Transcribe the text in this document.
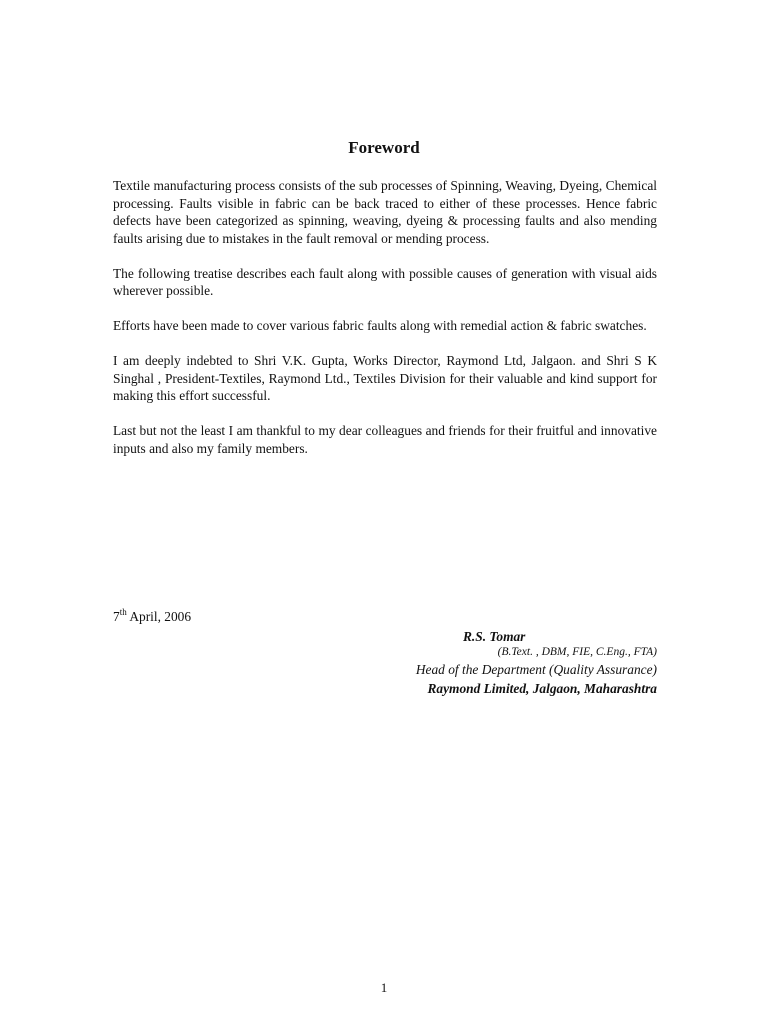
Foreword

Textile manufacturing process consists of the sub processes of Spinning, Weaving, Dyeing, Chemical processing. Faults visible in fabric can be back traced to either of these processes. Hence fabric defects have been categorized as spinning, weaving, dyeing & processing faults and also mending faults arising due to mistakes in the fault removal or mending process.

The following treatise describes each fault along with possible causes of generation with visual aids wherever possible.

Efforts have been made to cover various fabric faults along with remedial action & fabric swatches.

I am deeply indebted to Shri V.K. Gupta, Works Director, Raymond Ltd, Jalgaon. and Shri S K Singhal , President-Textiles, Raymond Ltd., Textiles Division for their valuable and kind support for making this effort successful.

Last but not the least I am thankful to my dear colleagues and friends for their fruitful and innovative inputs and also my family members.

7th April, 2006
R.S. Tomar
(B.Text. , DBM, FIE, C.Eng., FTA)
Head of the Department (Quality Assurance)
Raymond Limited, Jalgaon, Maharashtra
1
